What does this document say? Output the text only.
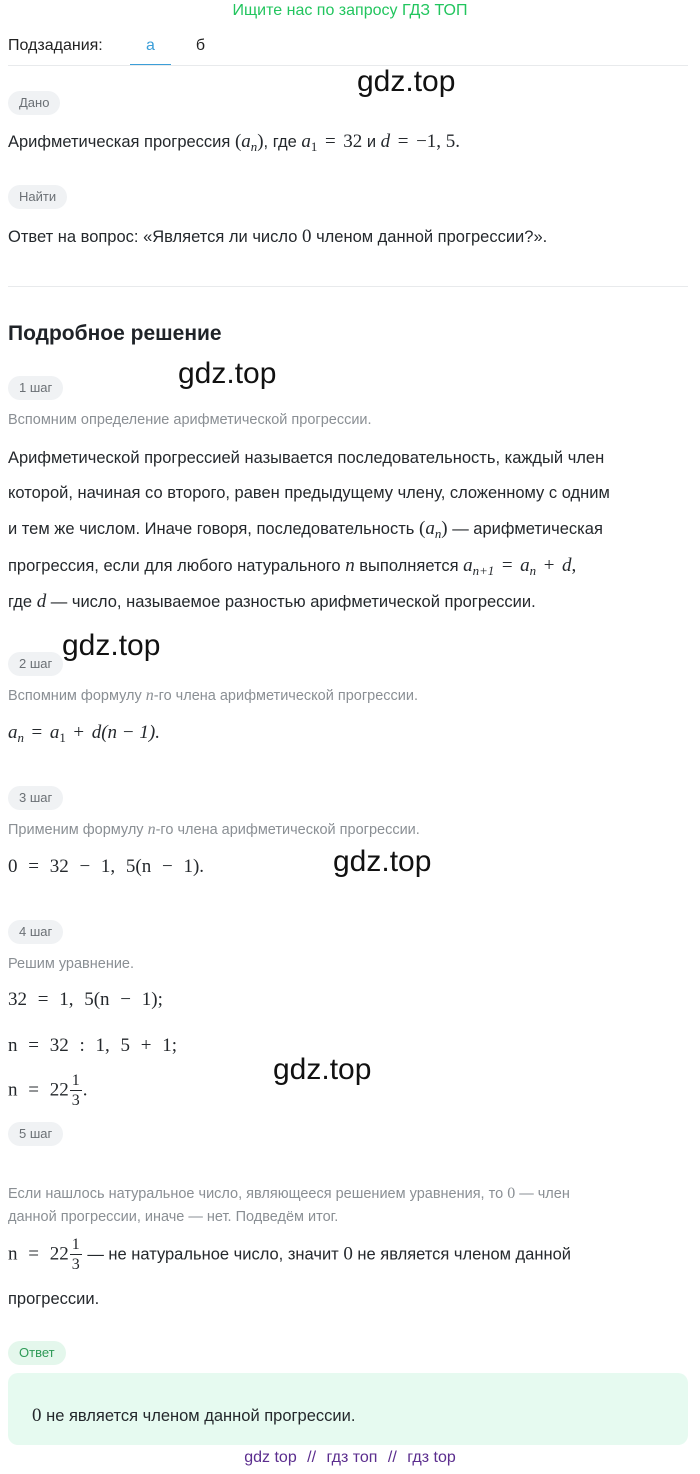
Ищите нас по запросу ГДЗ ТОП
Подзадания:	а	б
gdz.top
gdz.top
gdz.top
gdz.top
gdz.top
Дано
Арифметическая прогрессия $(a_n)$, где $a_1 = 32$ и d = −1, 5.
Найти
Ответ на вопрос: «Является ли число 0 членом данной прогрессии?».
Подробное решение
1 шаг
Вспомним определение арифметической прогрессии.
Арифметической прогрессией называется последовательность, каждый член
которой, начиная со второго, равен предыдущему члену, сложенному с одним
и тем же числом. Иначе говоря, последовательность $(a_n)$ — арифметическая
прогрессия, если для любого натурального n выполняется $a_{n+1} = a_n + d$,
где d — число, называемое разностью арифметической прогрессии.
2 шаг
Вспомним формулу n-го члена арифметической прогрессии.
$a_n = a_1 + d(n - 1)$.
3 шаг
Применим формулу n-го члена арифметической прогрессии.
0 = 32 − 1, 5(n − 1).
4 шаг
Решим уравнение.
32 = 1, 5(n − 1);
n = 32 : 1, 5 + 1;
$n = 22 \frac{1}{3}$ .
5 шаг
Если нашлось натуральное число, являющееся решением уравнения, то 0 — член
данной прогрессии, иначе — нет. Подведём итог.
$n = 22 \frac{1}{3}$ — не натуральное число, значит 0 не является членом данной
прогрессии.
Ответ
0 не является членом данной прогрессии.
gdz top // гдз топ // гдз top
